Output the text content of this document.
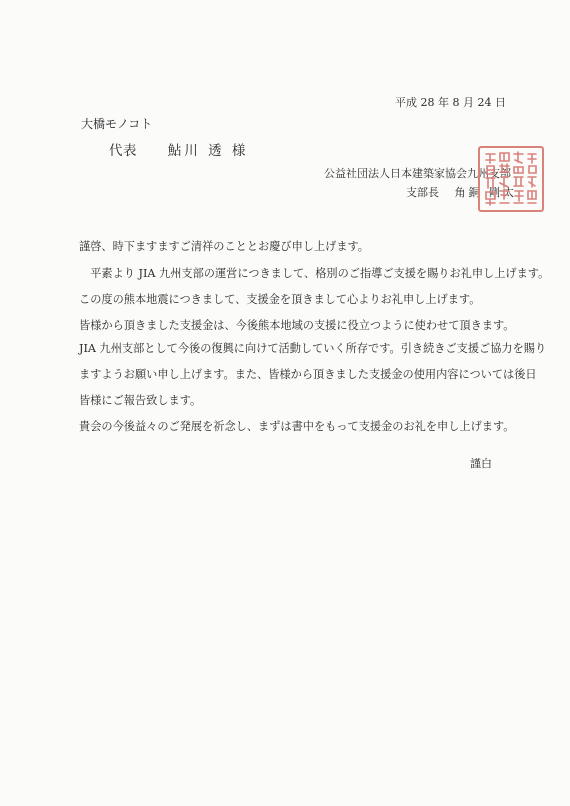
平成 28 年 8 月 24 日
大橋モノコト
代表 鮎川 透 様
公益社団法人日本建築家協会九州支部
支部長 角銅 剛太
謹啓、時下ますますご清祥のこととお慶び申し上げます。
　平素より JIA 九州支部の運営につきまして、格別のご指導ご支援を賜りお礼申し上げます。
この度の熊本地震につきまして、支援金を頂きまして心よりお礼申し上げます。
皆様から頂きました支援金は、今後熊本地域の支援に役立つように使わせて頂きます。
JIA 九州支部として今後の復興に向けて活動していく所存です。引き続きご支援ご協力を賜り
ますようお願い申し上げます。また、皆様から頂きました支援金の使用内容については後日
皆様にご報告致します。
貴会の今後益々のご発展を祈念し、まずは書中をもって支援金のお礼を申し上げます。
謹白
